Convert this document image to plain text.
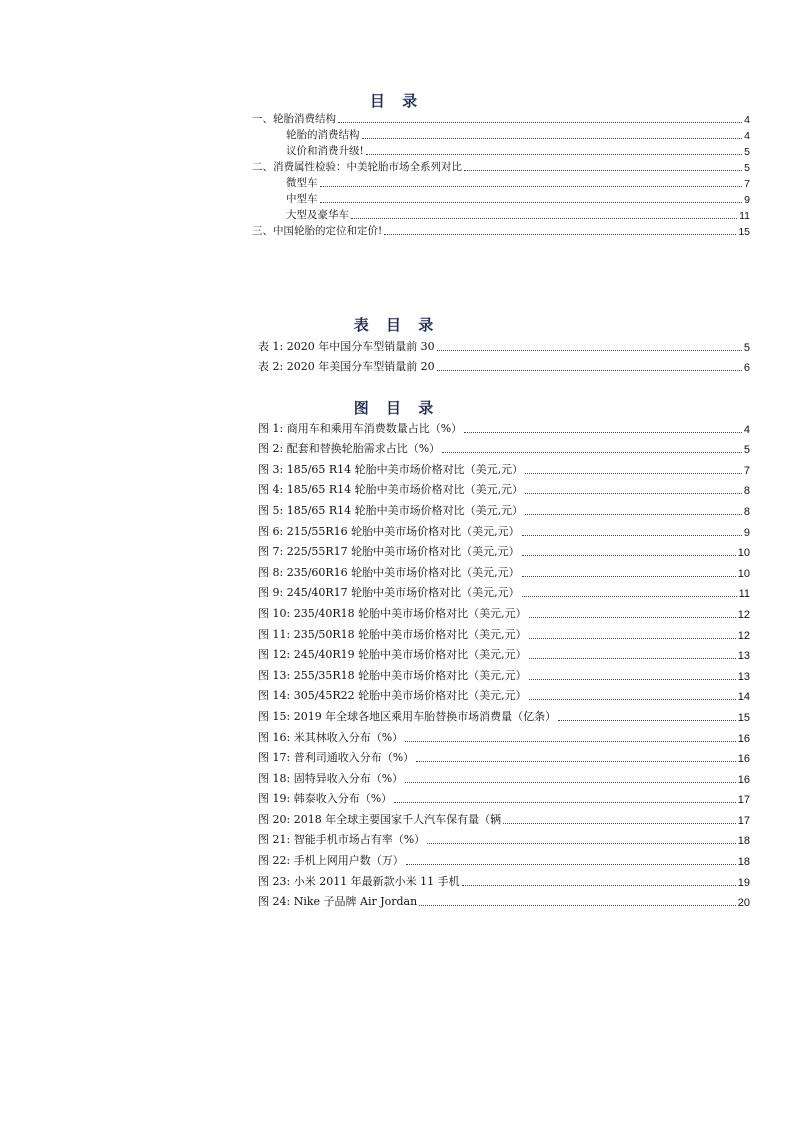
目 录
一、轮胎消费结构	4
轮胎的消费结构	4
议价和消费升级!	5
二、消费属性检验：中美轮胎市场全系列对比	5
微型车	7
中型车	9
大型及豪华车	11
三、中国轮胎的定位和定价!	15
表 目 录
表 1: 2020 年中国分车型销量前 30	5
表 2: 2020 年美国分车型销量前 20	6
图 目 录
图 1: 商用车和乘用车消费数量占比（%）	4
图 2: 配套和替换轮胎需求占比（%）	5
图 3: 185/65 R14 轮胎中美市场价格对比（美元,元）	7
图 4: 185/65 R14 轮胎中美市场价格对比（美元,元）	8
图 5: 185/65 R14 轮胎中美市场价格对比（美元,元）	8
图 6: 215/55R16 轮胎中美市场价格对比（美元,元）	9
图 7: 225/55R17 轮胎中美市场价格对比（美元,元）	10
图 8: 235/60R16 轮胎中美市场价格对比（美元,元）	10
图 9: 245/40R17 轮胎中美市场价格对比（美元,元）	11
图 10: 235/40R18 轮胎中美市场价格对比（美元,元）	12
图 11: 235/50R18 轮胎中美市场价格对比（美元,元）	12
图 12: 245/40R19 轮胎中美市场价格对比（美元,元）	13
图 13: 255/35R18 轮胎中美市场价格对比（美元,元）	13
图 14: 305/45R22 轮胎中美市场价格对比（美元,元）	14
图 15: 2019 年全球各地区乘用车胎替换市场消费量（亿条）	15
图 16: 米其林收入分布（%）	16
图 17: 普利司通收入分布（%）	16
图 18: 固特异收入分布（%）	16
图 19: 韩泰收入分布（%）	17
图 20: 2018 年全球主要国家千人汽车保有量（辆	17
图 21: 智能手机市场占有率（%）	18
图 22: 手机上网用户数（万）	18
图 23: 小米 2011 年最新款小米 11 手机	19
图 24: Nike 子品牌 Air Jordan	20
